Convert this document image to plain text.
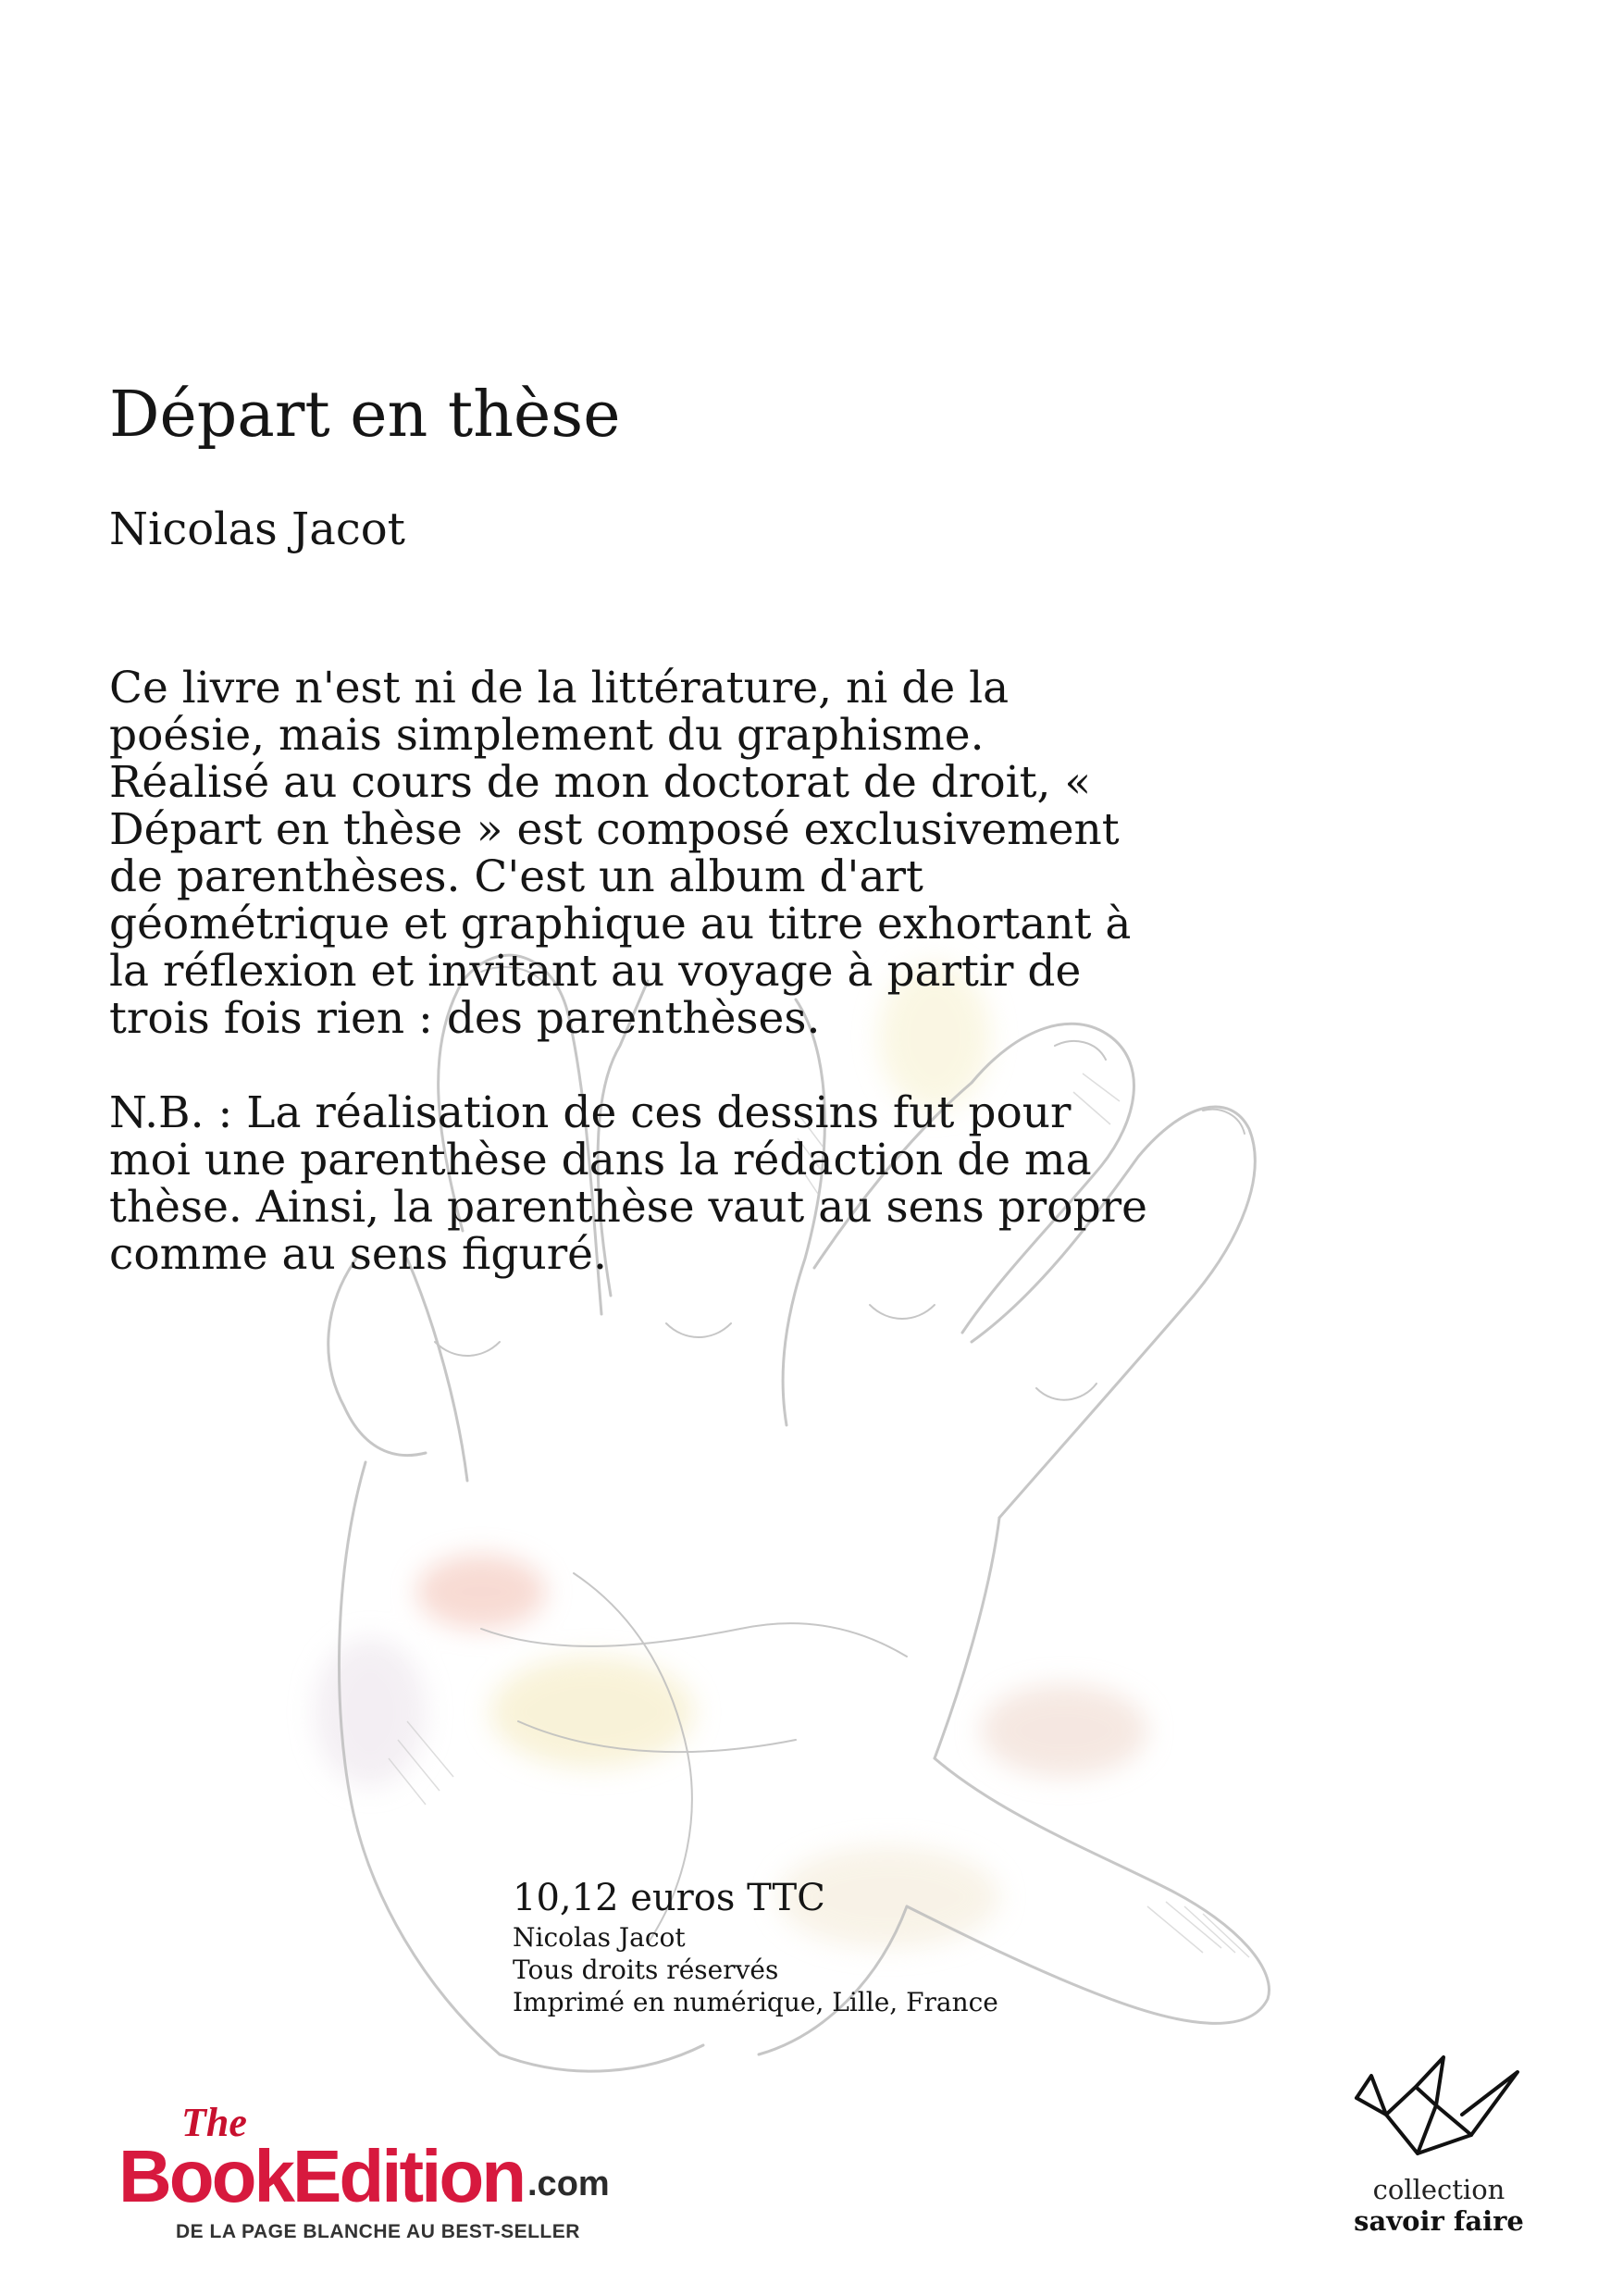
Départ en thèse
Nicolas Jacot

Ce livre n'est ni de la littérature, ni de la
poésie, mais simplement du graphisme.
Réalisé au cours de mon doctorat de droit, «
Départ en thèse » est composé exclusivement
de parenthèses. C'est un album d'art
géométrique et graphique au titre exhortant à
la réflexion et invitant au voyage à partir de
trois fois rien : des parenthèses.

N.B. : La réalisation de ces dessins fut pour
moi une parenthèse dans la rédaction de ma
thèse. Ainsi, la parenthèse vaut au sens propre
comme au sens figuré.

10,12 euros TTC
Nicolas Jacot
Tous droits réservés
Imprimé en numérique, Lille, France
The
BookEdition .com
DE LA PAGE BLANCHE AU BEST-SELLER
collection
savoir faire
